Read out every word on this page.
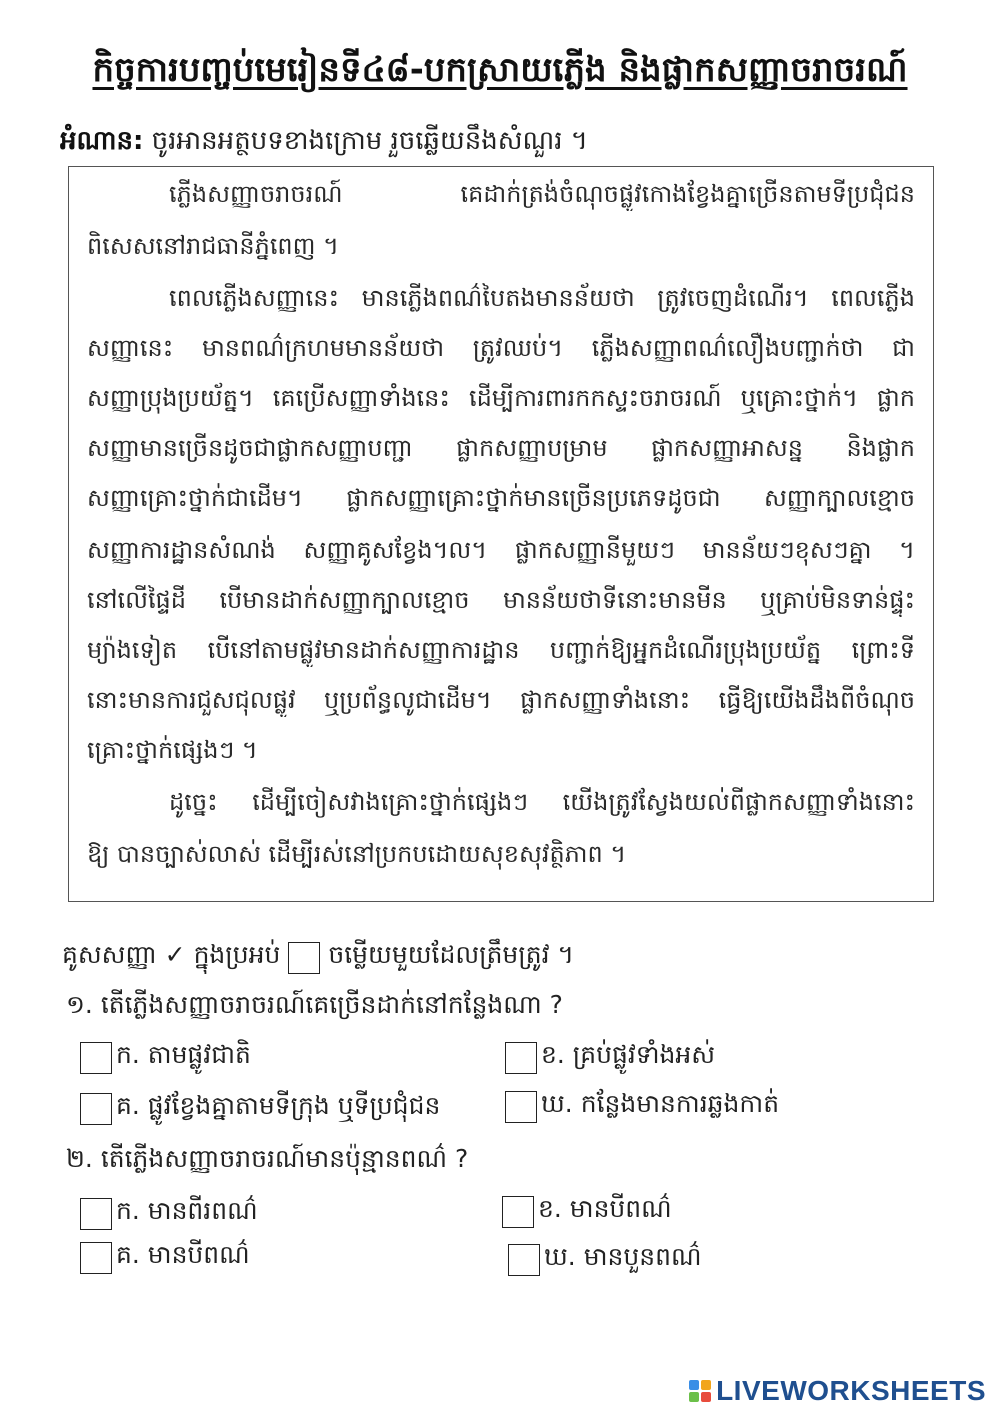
កិច្ចការបញ្ចប់មេរៀនទី៤៨-បកស្រាយភ្លើង និងផ្លាកសញ្ញាចរាចរណ៍
អំណាន: ចូរអានអត្ថបទខាងក្រោម រួចឆ្លើយនឹងសំណួរ ។
ភ្លើងសញ្ញាចរាចរណ៍ គេដាក់ត្រង់ចំណុចផ្លូវកោងខ្វែងគ្នាច្រើនតាមទីប្រជុំជន
ពិសេសនៅរាជធានីភ្នំពេញ ។
ពេលភ្លើងសញ្ញានេះ មានភ្លើងពណ៌បៃតងមានន័យថា ត្រូវចេញដំណើរ។ ពេលភ្លើង
សញ្ញានេះ មានពណ៌ក្រហមមានន័យថា ត្រូវឈប់។ ភ្លើងសញ្ញាពណ៌លឿងបញ្ជាក់ថា ជា
សញ្ញាប្រុងប្រយ័ត្ន។ គេប្រើសញ្ញាទាំងនេះ ដើម្បីការពារកកស្ទះចរាចរណ៍ ឬគ្រោះថ្នាក់។ ផ្លាក
សញ្ញាមានច្រើនដូចជាផ្លាកសញ្ញាបញ្ជា ផ្លាកសញ្ញាបម្រាម ផ្លាកសញ្ញាអាសន្ន និងផ្លាក
សញ្ញាគ្រោះថ្នាក់ជាដើម។ ផ្លាកសញ្ញាគ្រោះថ្នាក់មានច្រើនប្រភេទដូចជា សញ្ញាក្បាលខ្មោច
សញ្ញាការដ្ឋានសំណង់ សញ្ញាគូសខ្វែង។ល។ ផ្លាកសញ្ញានីមួយៗ មានន័យៗខុសៗគ្នា ។
នៅលើផ្ទៃដី បើមានដាក់សញ្ញាក្បាលខ្មោច មានន័យថាទីនោះមានមីន ឬគ្រាប់មិនទាន់ផ្ទុះ
ម្យ៉ាងទៀត បើនៅតាមផ្លូវមានដាក់សញ្ញាការដ្ឋាន បញ្ជាក់ឱ្យអ្នកដំណើរប្រុងប្រយ័ត្ន ព្រោះទី
នោះមានការជួសជុលផ្លូវ ឬប្រព័ន្ធលូជាដើម។ ផ្លាកសញ្ញាទាំងនោះ ធ្វើឱ្យយើងដឹងពីចំណុច
គ្រោះថ្នាក់ផ្សេងៗ ។
ដូច្នេះ ដើម្បីចៀសវាងគ្រោះថ្នាក់ផ្សេងៗ យើងត្រូវស្វែងយល់ពីផ្លាកសញ្ញាទាំងនោះ
ឱ្យ បានច្បាស់លាស់ ដើម្បីរស់នៅប្រកបដោយសុខសុវត្ថិភាព ។
គូសសញ្ញា ✓ ក្នុងប្រអប់ ចម្លើយមួយដែលត្រឹមត្រូវ ។
១. តើភ្លើងសញ្ញាចរាចរណ៍គេច្រើនដាក់នៅកន្លែងណា ?
ក. តាមផ្លូវជាតិ	ខ. គ្រប់ផ្លូវទាំងអស់
គ. ផ្លូវខ្វែងគ្នាតាមទីក្រុង ឬទីប្រជុំជន	ឃ. កន្លែងមានការឆ្លងកាត់
២. តើភ្លើងសញ្ញាចរាចរណ៍មានប៉ុន្មានពណ៌ ?
ក. មានពីរពណ៌	ខ. មានបីពណ៌
គ. មានបីពណ៌	ឃ. មានបួនពណ៌
LIVEWORKSHEETS
